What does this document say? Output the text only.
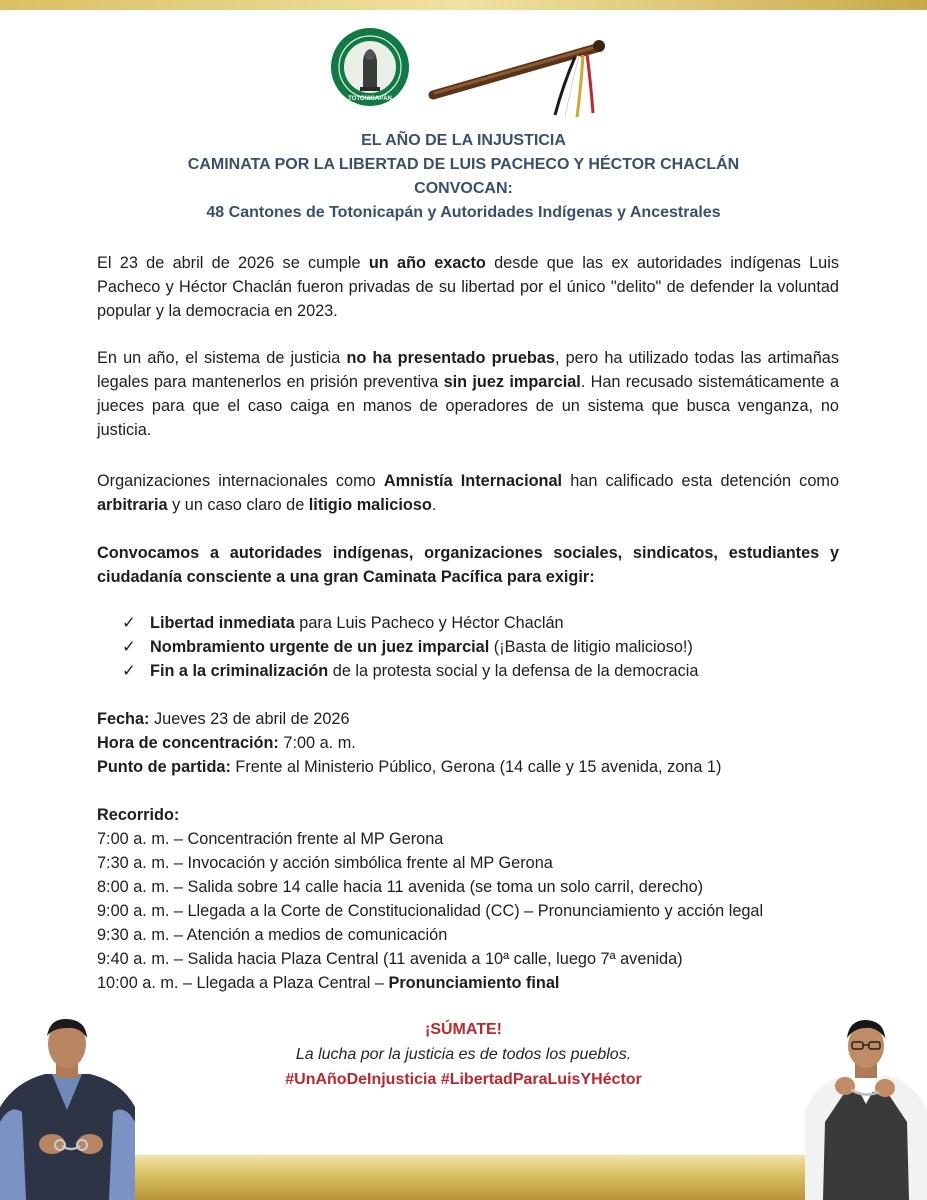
TOTONICAPÁN
EL AÑO DE LA INJUSTICIA
CAMINATA POR LA LIBERTAD DE LUIS PACHECO Y HÉCTOR CHACLÁN
CONVOCAN:
48 Cantones de Totonicapán y Autoridades Indígenas y Ancestrales

El 23 de abril de 2026 se cumple un año exacto desde que las ex autoridades indígenas Luis Pacheco y Héctor Chaclán fueron privadas de su libertad por el único "delito" de defender la voluntad popular y la democracia en 2023.

En un año, el sistema de justicia no ha presentado pruebas, pero ha utilizado todas las artimañas legales para mantenerlos en prisión preventiva sin juez imparcial. Han recusado sistemáticamente a jueces para que el caso caiga en manos de operadores de un sistema que busca venganza, no justicia.

Organizaciones internacionales como Amnistía Internacional han calificado esta detención como arbitraria y un caso claro de litigio malicioso.

Convocamos a autoridades indígenas, organizaciones sociales, sindicatos, estudiantes y ciudadanía consciente a una gran Caminata Pacífica para exigir:

✓ Libertad inmediata para Luis Pacheco y Héctor Chaclán
✓ Nombramiento urgente de un juez imparcial (¡Basta de litigio malicioso!)
✓ Fin a la criminalización de la protesta social y la defensa de la democracia
Fecha: Jueves 23 de abril de 2026
Hora de concentración: 7:00 a. m.
Punto de partida: Frente al Ministerio Público, Gerona (14 calle y 15 avenida, zona 1)
Recorrido:
7:00 a. m. – Concentración frente al MP Gerona
7:30 a. m. – Invocación y acción simbólica frente al MP Gerona
8:00 a. m. – Salida sobre 14 calle hacia 11 avenida (se toma un solo carril, derecho)
9:00 a. m. – Llegada a la Corte de Constitucionalidad (CC) – Pronunciamiento y acción legal
9:30 a. m. – Atención a medios de comunicación
9:40 a. m. – Salida hacia Plaza Central (11 avenida a 10ª calle, luego 7ª avenida)
10:00 a. m. – Llegada a Plaza Central – Pronunciamiento final
¡SÚMATE!
La lucha por la justicia es de todos los pueblos.
#UnAñoDeInjusticia #LibertadParaLuisYHéctor
